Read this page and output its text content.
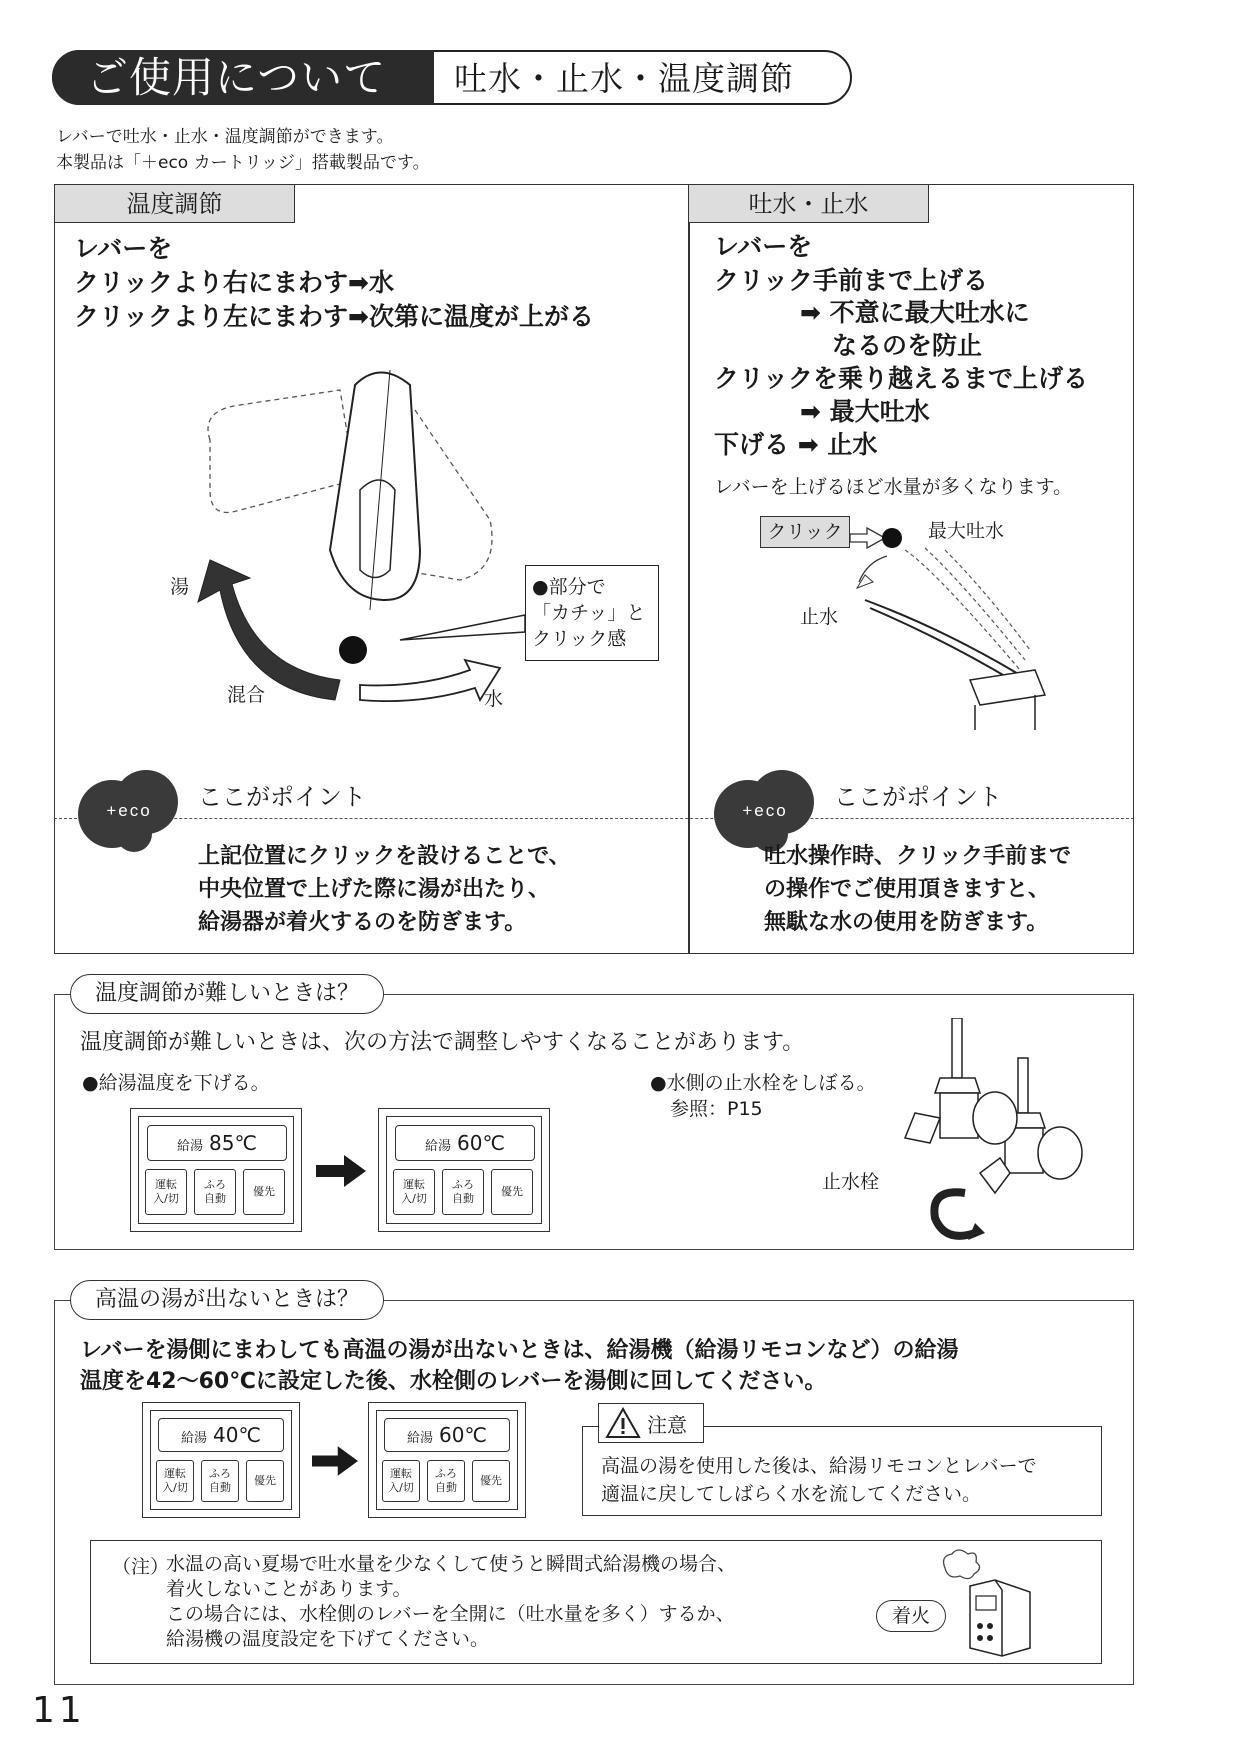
ご使用について	吐水・止水・温度調節
レバーで吐水・止水・温度調節ができます。
本製品は「＋eco カートリッジ」搭載製品です。
温度調節	吐水・止水
レバーを
クリックより右にまわす➡水
クリックより左にまわす➡次第に温度が上がる
湯
混合	水
●部分で
「カチッ」と
クリック感
レバーを
クリック手前まで上げる
➡ 不意に最大吐水に
なるのを防止
クリックを乗り越えるまで上げる
➡ 最大吐水
下げる ➡ 止水
レバーを上げるほど水量が多くなります。
クリック	最大吐水
止水
+eco ここがポイント
上記位置にクリックを設けることで、
中央位置で上げた際に湯が出たり、
給湯器が着火するのを防ぎます。
+eco ここがポイント
吐水操作時、クリック手前まで
の操作でご使用頂きますと、
無駄な水の使用を防ぎます。
温度調節が難しいときは？
温度調節が難しいときは、次の方法で調整しやすくなることがあります。
●給湯温度を下げる。	●水側の止水栓をしぼる。
参照：P15
給湯 85℃
運転
入/切
ふろ
自動
優先
給湯 60℃
運転
入/切
ふろ
自動
優先	止水栓
高温の湯が出ないときは？
レバーを湯側にまわしても高温の湯が出ないときは、給湯機（給湯リモコンなど）の給湯
温度を42〜60℃に設定した後、水栓側のレバーを湯側に回してください。
給湯 40℃
運転
入/切
ふろ
自動
優先
給湯 60℃
運転
入/切
ふろ
自動
優先
注意
高温の湯を使用した後は、給湯リモコンとレバーで
適温に戻してしばらく水を流してください。
（注）
水温の高い夏場で吐水量を少なくして使うと瞬間式給湯機の場合、
着火しないことがあります。
この場合には、水栓側のレバーを全開に（吐水量を多く）するか、
給湯機の温度設定を下げてください。
着火
11
